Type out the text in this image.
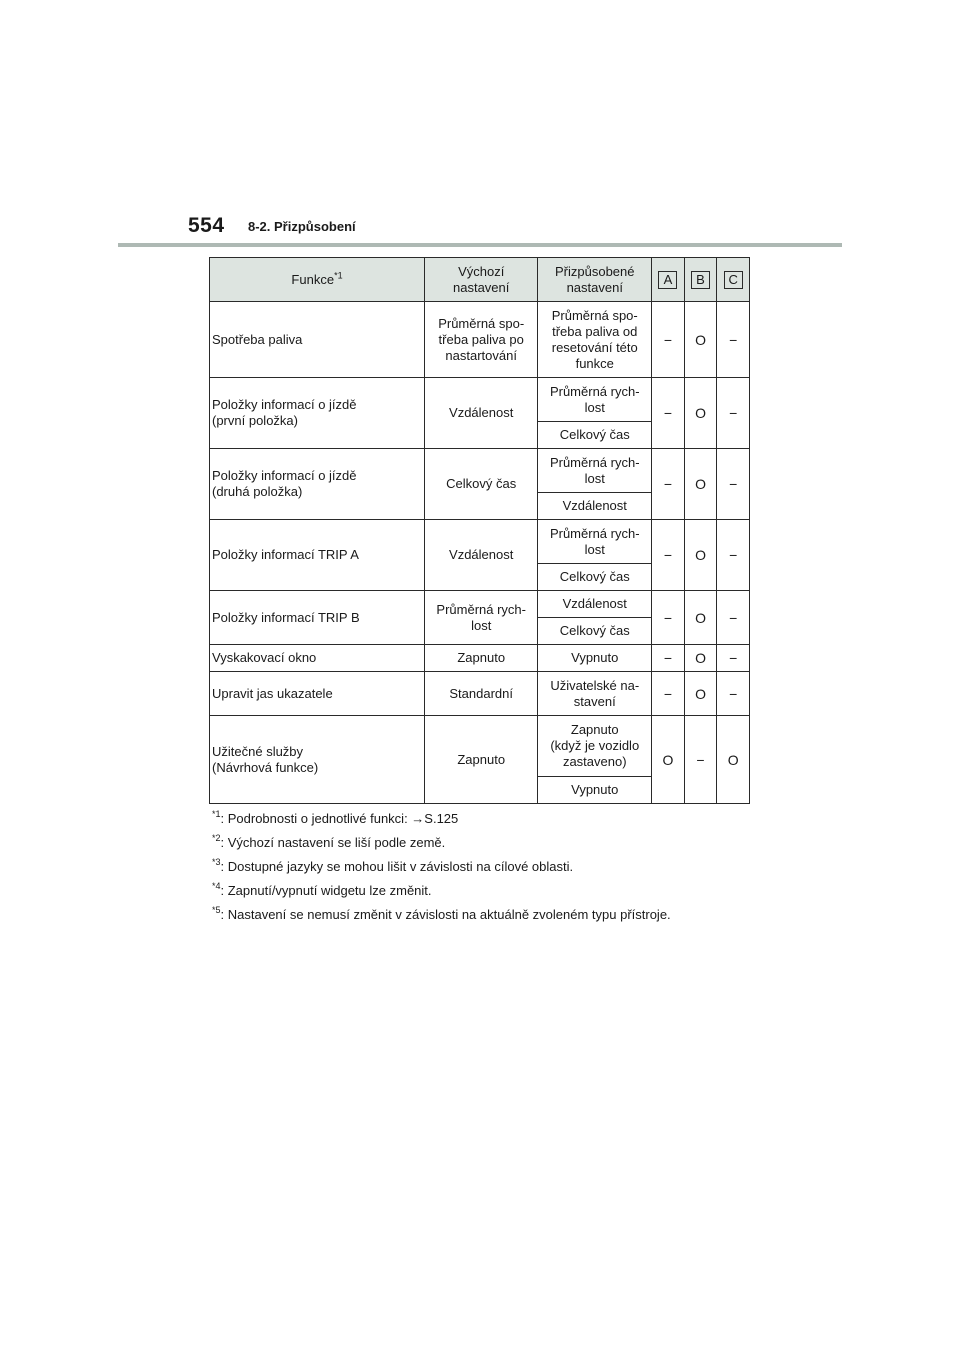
554 8-2. Přizpůsobení
Funkce$^{*1}$	Výchozí
nastavení	Přizpůsobené
nastavení	A	B	C
Spotřeba paliva	Průměrná spo-
třeba paliva po
nastartování	Průměrná spo-
třeba paliva od
resetování této
funkce	−	O	−
Položky informací o jízdě
(první položka)	Vzdálenost	Průměrná rych-
lost	−	O	−
		Celkový čas			
Položky informací o jízdě
(druhá položka)	Celkový čas	Průměrná rych-
lost	−	O	−
		Vzdálenost			
Položky informací TRIP A	Vzdálenost	Průměrná rych-
lost	−	O	−
		Celkový čas			
Položky informací TRIP B	Průměrná rych-
lost	Vzdálenost	−	O	−
		Celkový čas			
Vyskakovací okno	Zapnuto	Vypnuto	−	O	−
Upravit jas ukazatele	Standardní	Uživatelské na-
stavení	−	O	−
Užitečné služby
(Návrhová funkce)	Zapnuto	Zapnuto
(když je vozidlo
zastaveno)	O	−	O
		Vypnuto			
$^{*1}$: Podrobnosti o jednotlivé funkci: →S.125
$^{*2}$: Výchozí nastavení se liší podle země.
$^{*3}$: Dostupné jazyky se mohou lišit v závislosti na cílové oblasti.
$^{*4}$: Zapnutí/vypnutí widgetu lze změnit.
$^{*5}$: Nastavení se nemusí změnit v závislosti na aktuálně zvoleném typu přístroje.
